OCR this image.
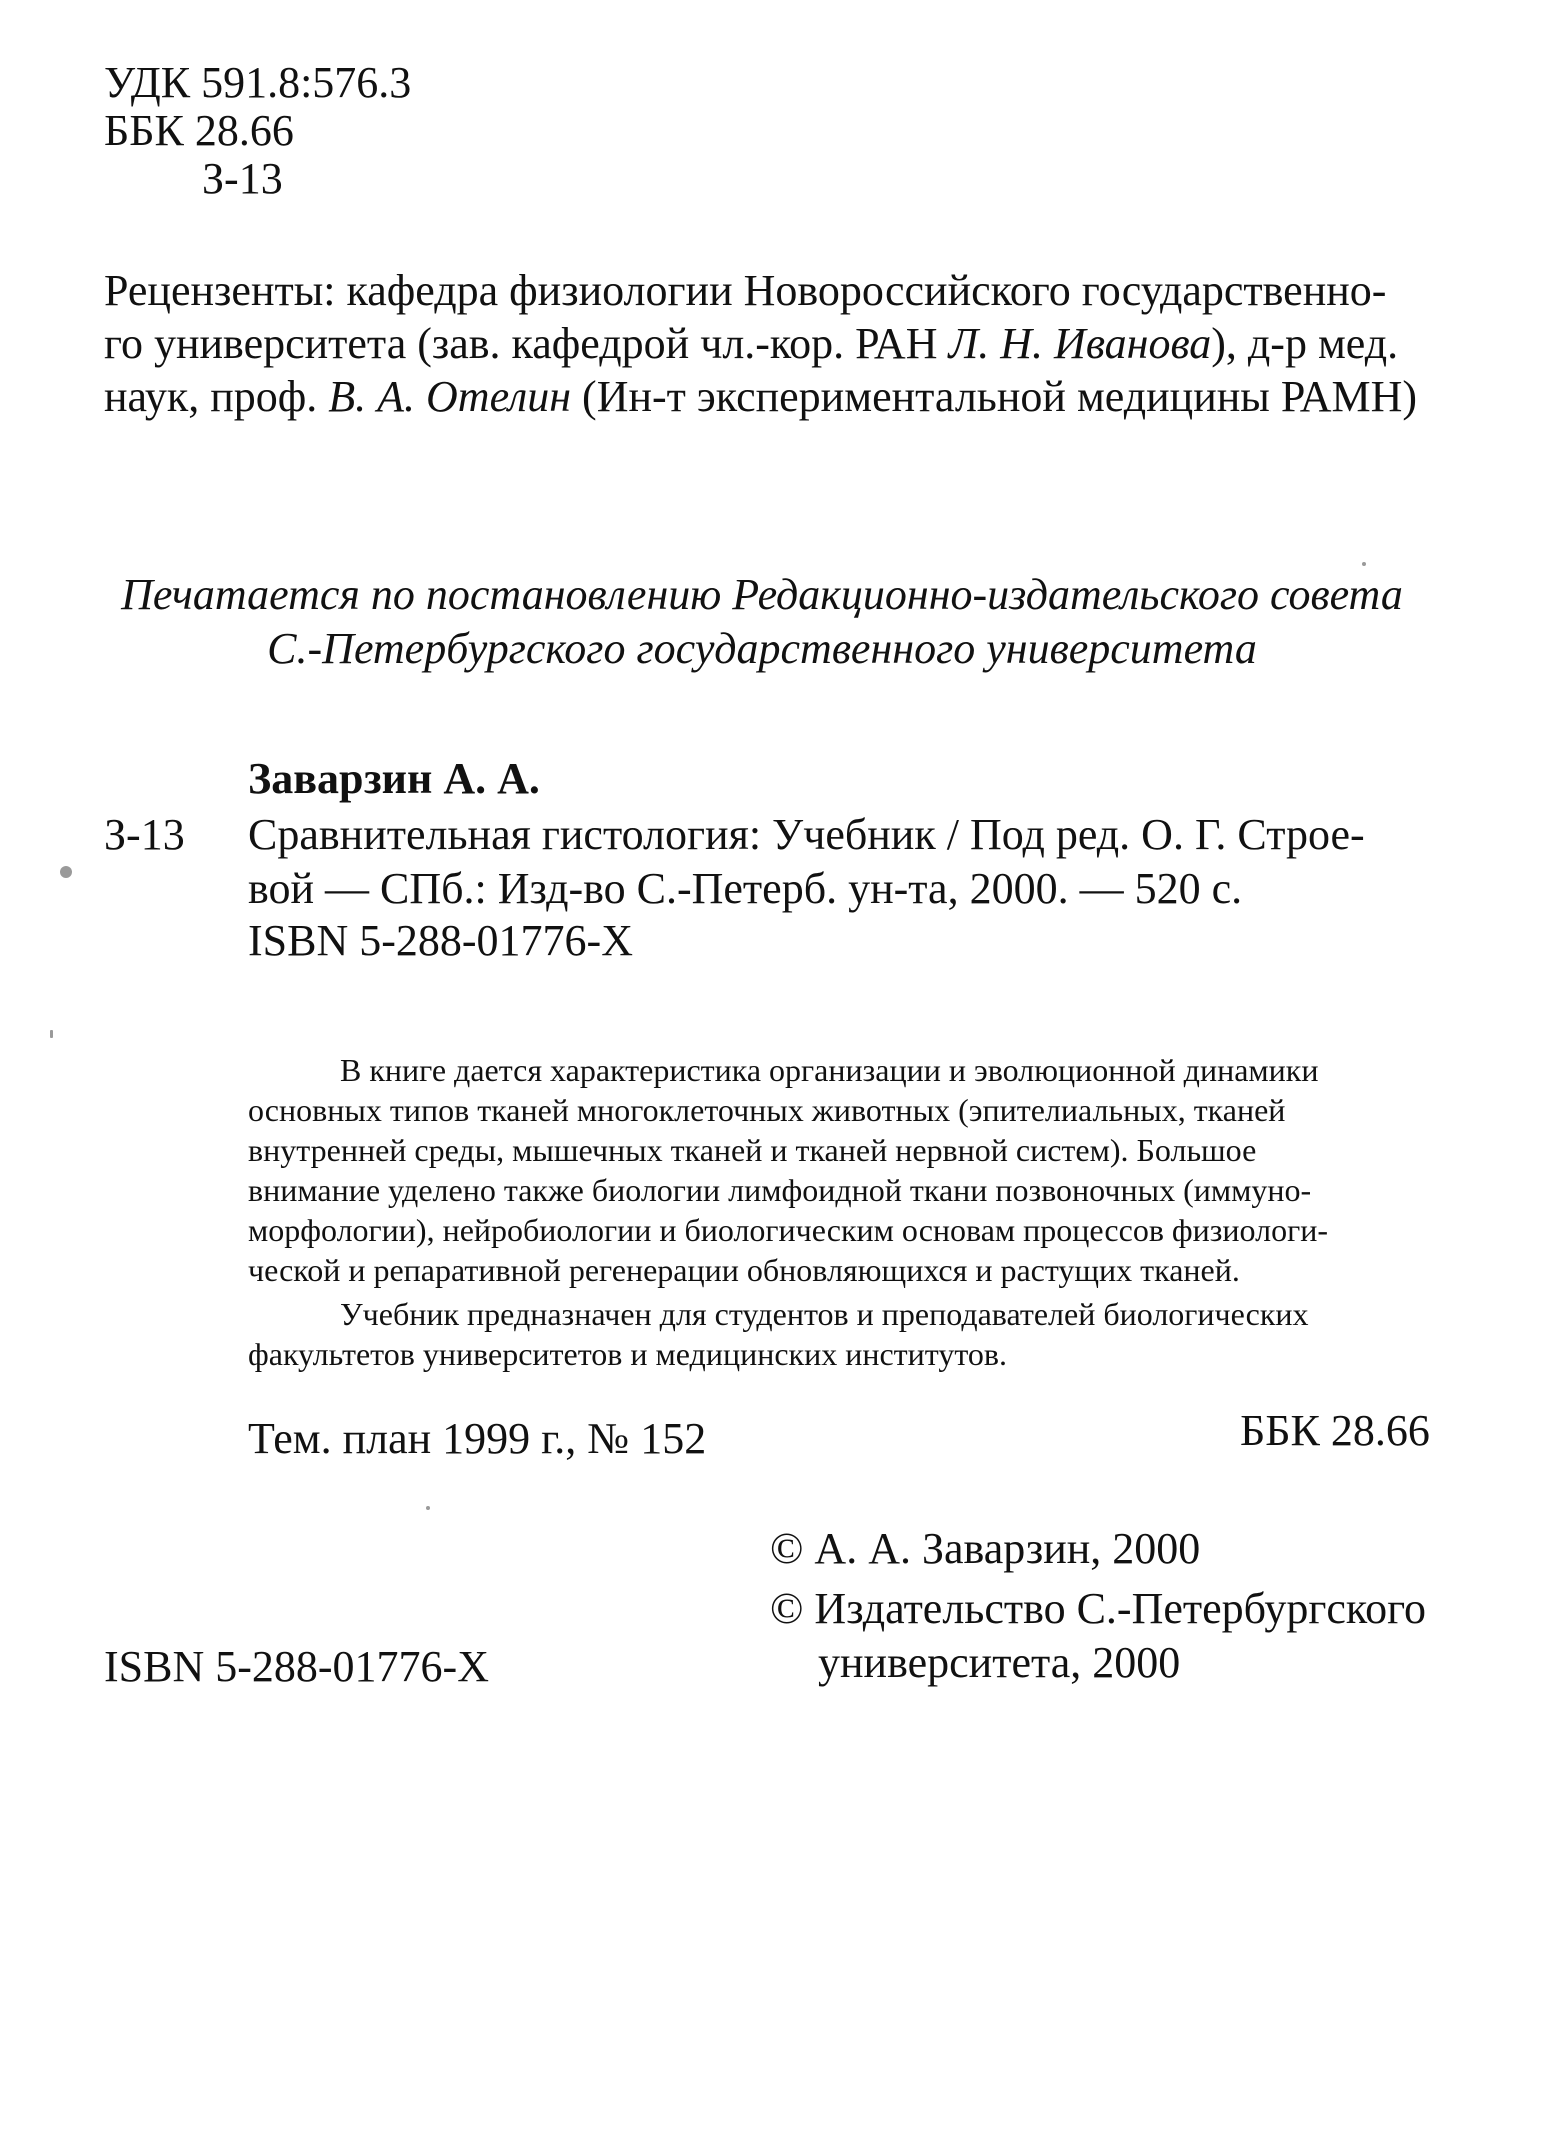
УДК 591.8:576.3
ББК 28.66
З-13
Рецензенты: кафедра физиологии Новороссийского государственно-
го университета (зав. кафедрой чл.-кор. РАН Л. Н. Иванова), д-р мед.
наук, проф. В. А. Отелин (Ин-т экспериментальной медицины РАМН)
Печатается по постановлению Редакционно-издательского совета
С.-Петербургского государственного университета
Заварзин А. А.
З-13 Сравнительная гистология: Учебник / Под ред. О. Г. Строе-
вой — СПб.: Изд-во С.-Петерб. ун-та, 2000. — 520 с.
ISBN 5-288-01776-X
В книге дается характеристика организации и эволюционной динамики
основных типов тканей многоклеточных животных (эпителиальных, тканей
внутренней среды, мышечных тканей и тканей нервной систем). Большое
внимание уделено также биологии лимфоидной ткани позвоночных (иммуно-
морфологии), нейробиологии и биологическим основам процессов физиологи-
ческой и репаративной регенерации обновляющихся и растущих тканей.
Учебник предназначен для студентов и преподавателей биологических
факультетов университетов и медицинских институтов.
Тем. план 1999 г., № 152	ББК 28.66
© А. А. Заварзин, 2000
© Издательство С.-Петербургского
университета, 2000
ISBN 5-288-01776-X
